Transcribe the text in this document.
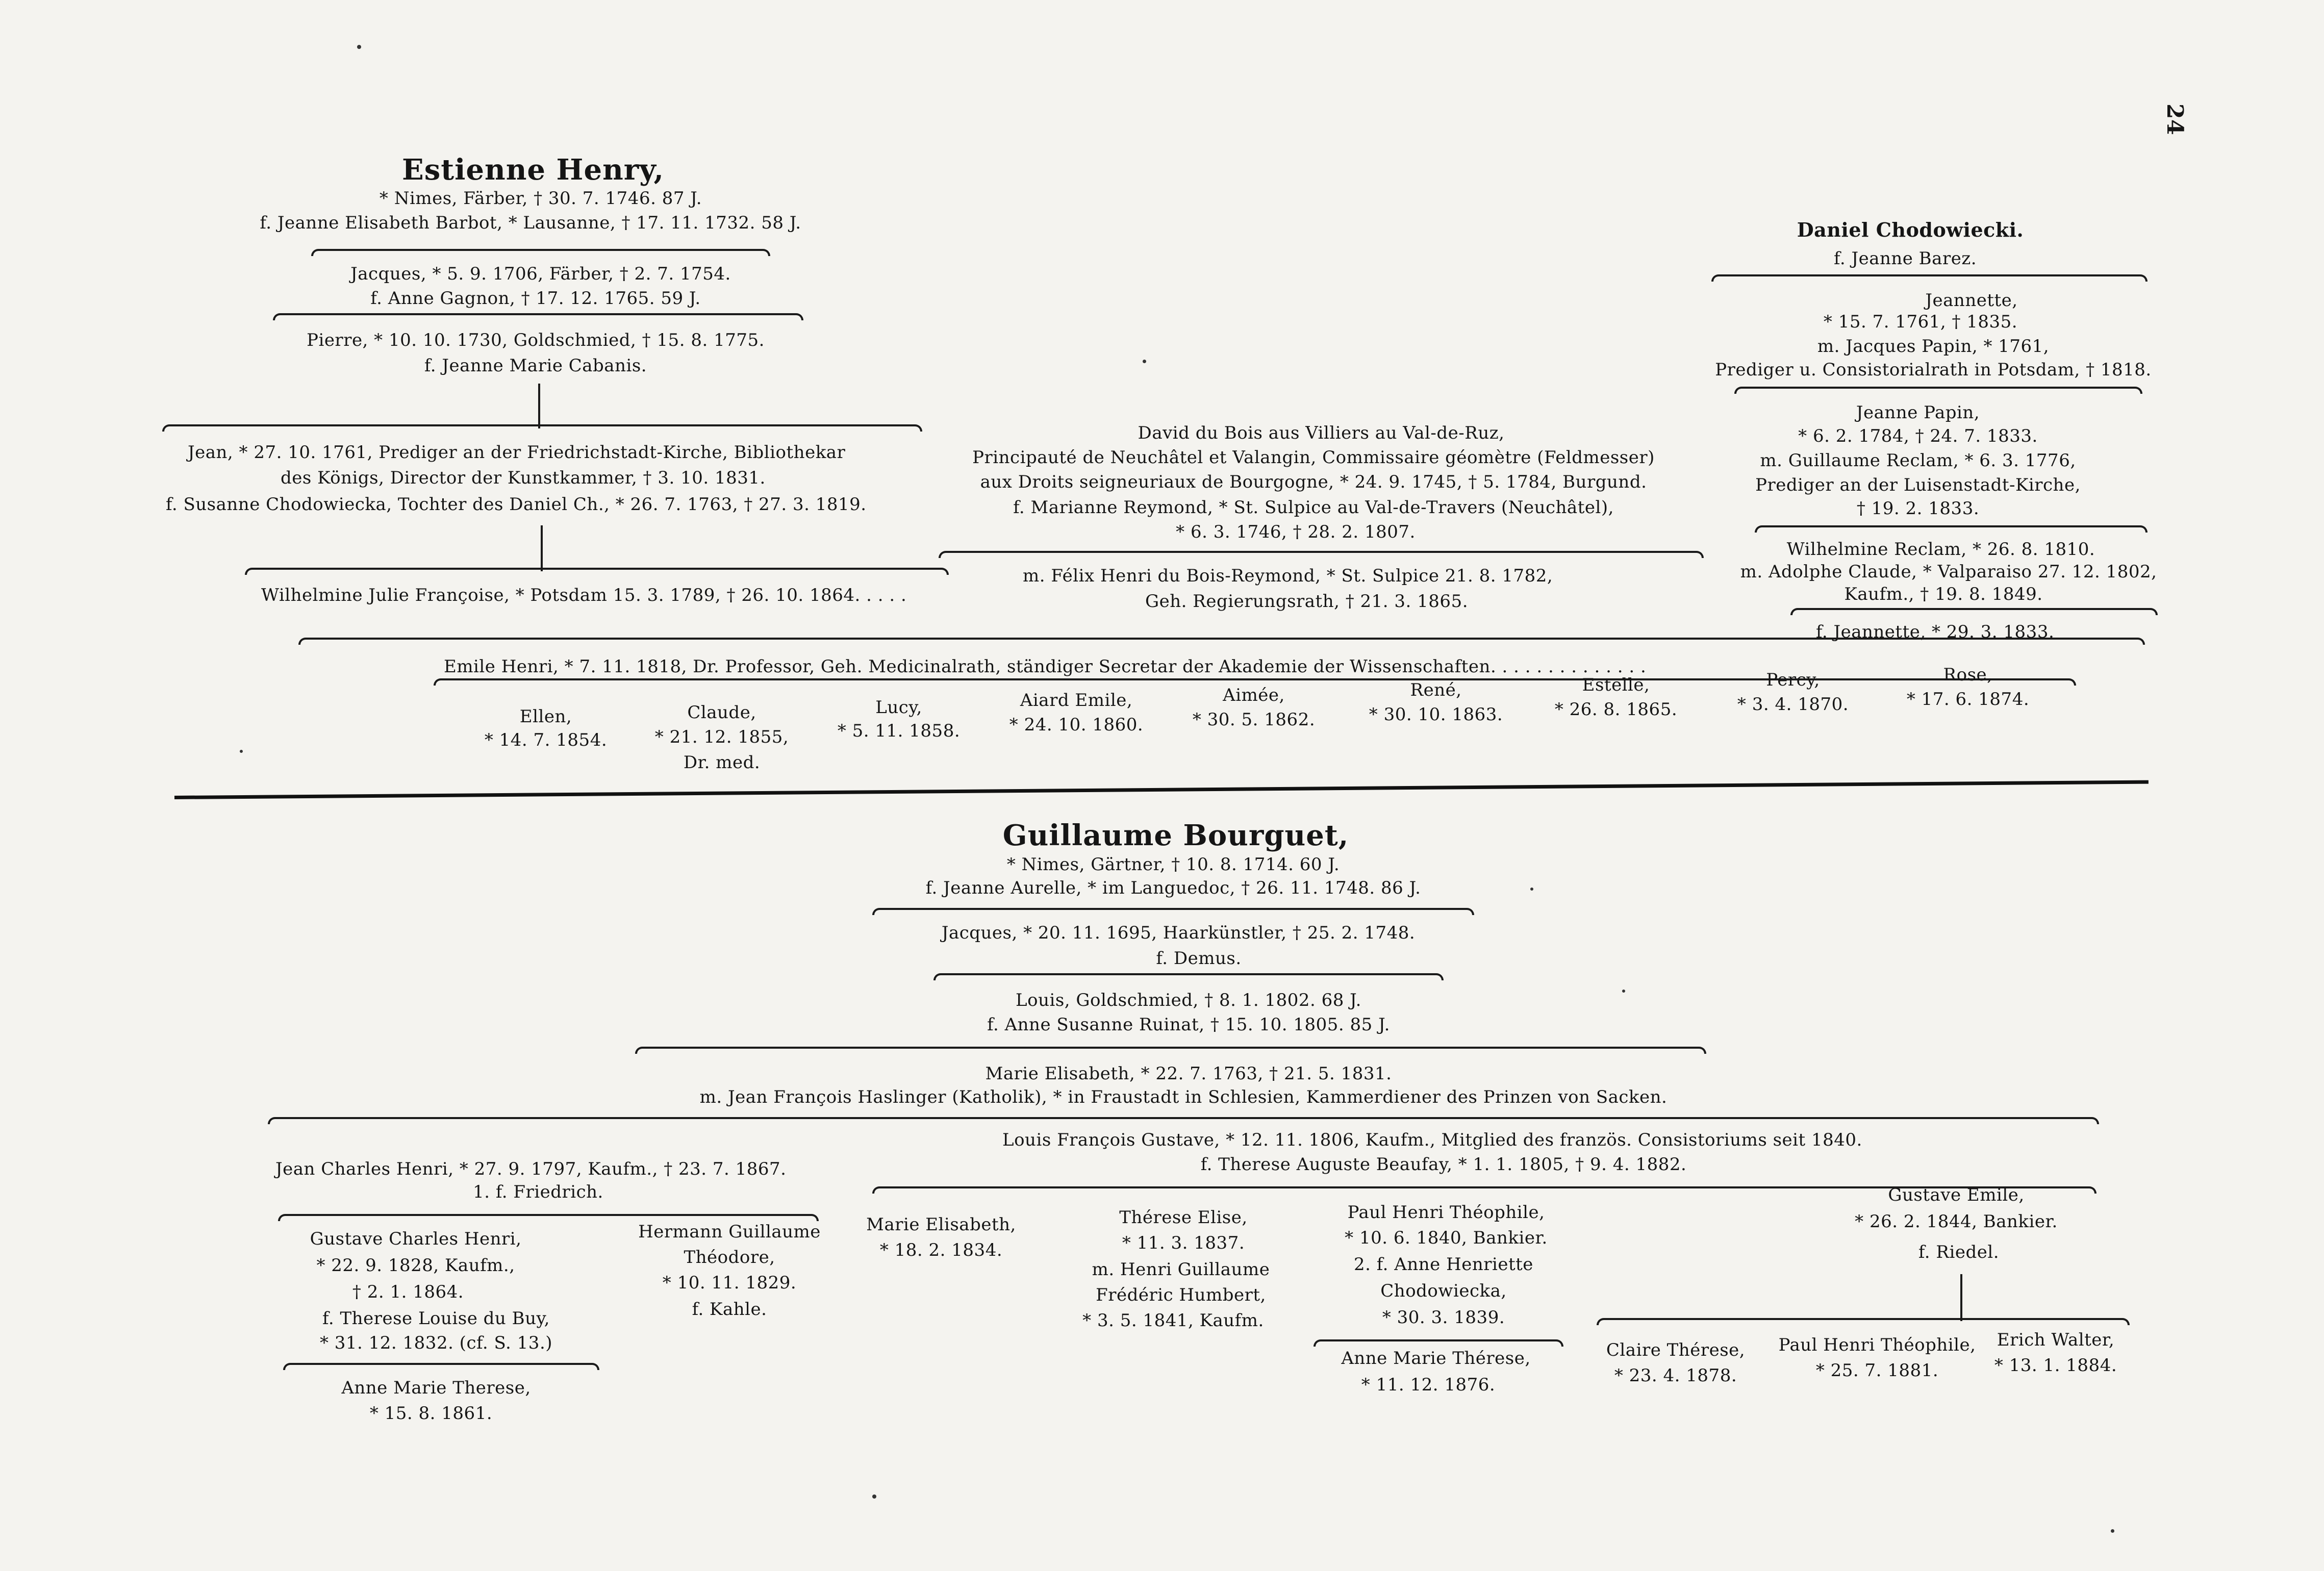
24
Estienne Henry,
* Nimes, Färber, † 30. 7. 1746. 87 J.
f. Jeanne Elisabeth Barbot, * Lausanne, † 17. 11. 1732. 58 J.
Jacques, * 5. 9. 1706, Färber, † 2. 7. 1754.
f. Anne Gagnon, † 17. 12. 1765. 59 J.
Pierre, * 10. 10. 1730, Goldschmied, † 15. 8. 1775.
f. Jeanne Marie Cabanis.
Jean, * 27. 10. 1761, Prediger an der Friedrichstadt-Kirche, Bibliothekar
des Königs, Director der Kunstkammer, † 3. 10. 1831.
f. Susanne Chodowiecka, Tochter des Daniel Ch., * 26. 7. 1763, † 27. 3. 1819.
Wilhelmine Julie Françoise, * Potsdam 15. 3. 1789, † 26. 10. 1864. . . . .
David du Bois aus Villiers au Val-de-Ruz,
Principauté de Neuchâtel et Valangin, Commissaire géomètre (Feldmesser)
aux Droits seigneuriaux de Bourgogne, * 24. 9. 1745, † 5. 1784, Burgund.
f. Marianne Reymond, * St. Sulpice au Val-de-Travers (Neuchâtel),
* 6. 3. 1746, † 28. 2. 1807.
m. Félix Henri du Bois-Reymond, * St. Sulpice 21. 8. 1782,
Geh. Regierungsrath, † 21. 3. 1865.
Daniel Chodowiecki.
f. Jeanne Barez.
Jeannette,
* 15. 7. 1761, † 1835.
m. Jacques Papin, * 1761,
Prediger u. Consistorialrath in Potsdam, † 1818.
Jeanne Papin,
* 6. 2. 1784, † 24. 7. 1833.
m. Guillaume Reclam, * 6. 3. 1776,
Prediger an der Luisenstadt-Kirche,
† 19. 2. 1833.
Wilhelmine Reclam, * 26. 8. 1810.
m. Adolphe Claude, * Valparaiso 27. 12. 1802,
Kaufm., † 19. 8. 1849.
f. Jeannette, * 29. 3. 1833.
Emile Henri, * 7. 11. 1818, Dr. Professor, Geh. Medicinalrath, ständiger Secretar der Akademie der Wissenschaften. . . . . . . . . . . . . .
Ellen,
* 14. 7. 1854.
Claude,
* 21. 12. 1855,
Dr. med.
Lucy,
* 5. 11. 1858.
Aiard Emile,
* 24. 10. 1860.
Aimée,
* 30. 5. 1862.
René,
* 30. 10. 1863.
Estelle,
* 26. 8. 1865.
Percy,
* 3. 4. 1870.
Rose,
* 17. 6. 1874.
Guillaume Bourguet,
* Nimes, Gärtner, † 10. 8. 1714. 60 J.
f. Jeanne Aurelle, * im Languedoc, † 26. 11. 1748. 86 J.
Jacques, * 20. 11. 1695, Haarkünstler, † 25. 2. 1748.
f. Demus.
Louis, Goldschmied, † 8. 1. 1802. 68 J.
f. Anne Susanne Ruinat, † 15. 10. 1805. 85 J.
Marie Elisabeth, * 22. 7. 1763, † 21. 5. 1831.
m. Jean François Haslinger (Katholik), * in Fraustadt in Schlesien, Kammerdiener des Prinzen von Sacken.
Jean Charles Henri, * 27. 9. 1797, Kaufm., † 23. 7. 1867.
1. f. Friedrich.
Louis François Gustave, * 12. 11. 1806, Kaufm., Mitglied des französ. Consistoriums seit 1840.
f. Therese Auguste Beaufay, * 1. 1. 1805, † 9. 4. 1882.
Gustave Charles Henri,
* 22. 9. 1828, Kaufm.,
† 2. 1. 1864.
f. Therese Louise du Buy,
* 31. 12. 1832. (cf. S. 13.)
Anne Marie Therese,
* 15. 8. 1861.
Hermann Guillaume
Théodore,
* 10. 11. 1829.
f. Kahle.
Marie Elisabeth,
* 18. 2. 1834.
Thérese Elise,
* 11. 3. 1837.
m. Henri Guillaume
Frédéric Humbert,
* 3. 5. 1841, Kaufm.
Paul Henri Théophile,
* 10. 6. 1840, Bankier.
2. f. Anne Henriette
Chodowiecka,
* 30. 3. 1839.
Anne Marie Thérese,
* 11. 12. 1876.
Gustave Emile,
* 26. 2. 1844, Bankier.
f. Riedel.
Claire Thérese,
* 23. 4. 1878.
Paul Henri Théophile,
* 25. 7. 1881.
Erich Walter,
* 13. 1. 1884.
